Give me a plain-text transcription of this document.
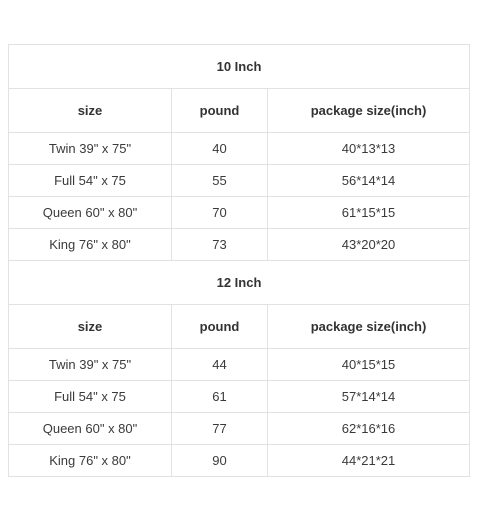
10 Inch		
size	pound	package size(inch)
Twin 39" x 75"	40	40*13*13
Full 54" x 75	55	56*14*14
Queen 60" x 80"	70	61*15*15
King 76" x 80"	73	43*20*20
12 Inch		
size	pound	package size(inch)
Twin 39" x 75"	44	40*15*15
Full 54" x 75	61	57*14*14
Queen 60" x 80"	77	62*16*16
King 76" x 80"	90	44*21*21
